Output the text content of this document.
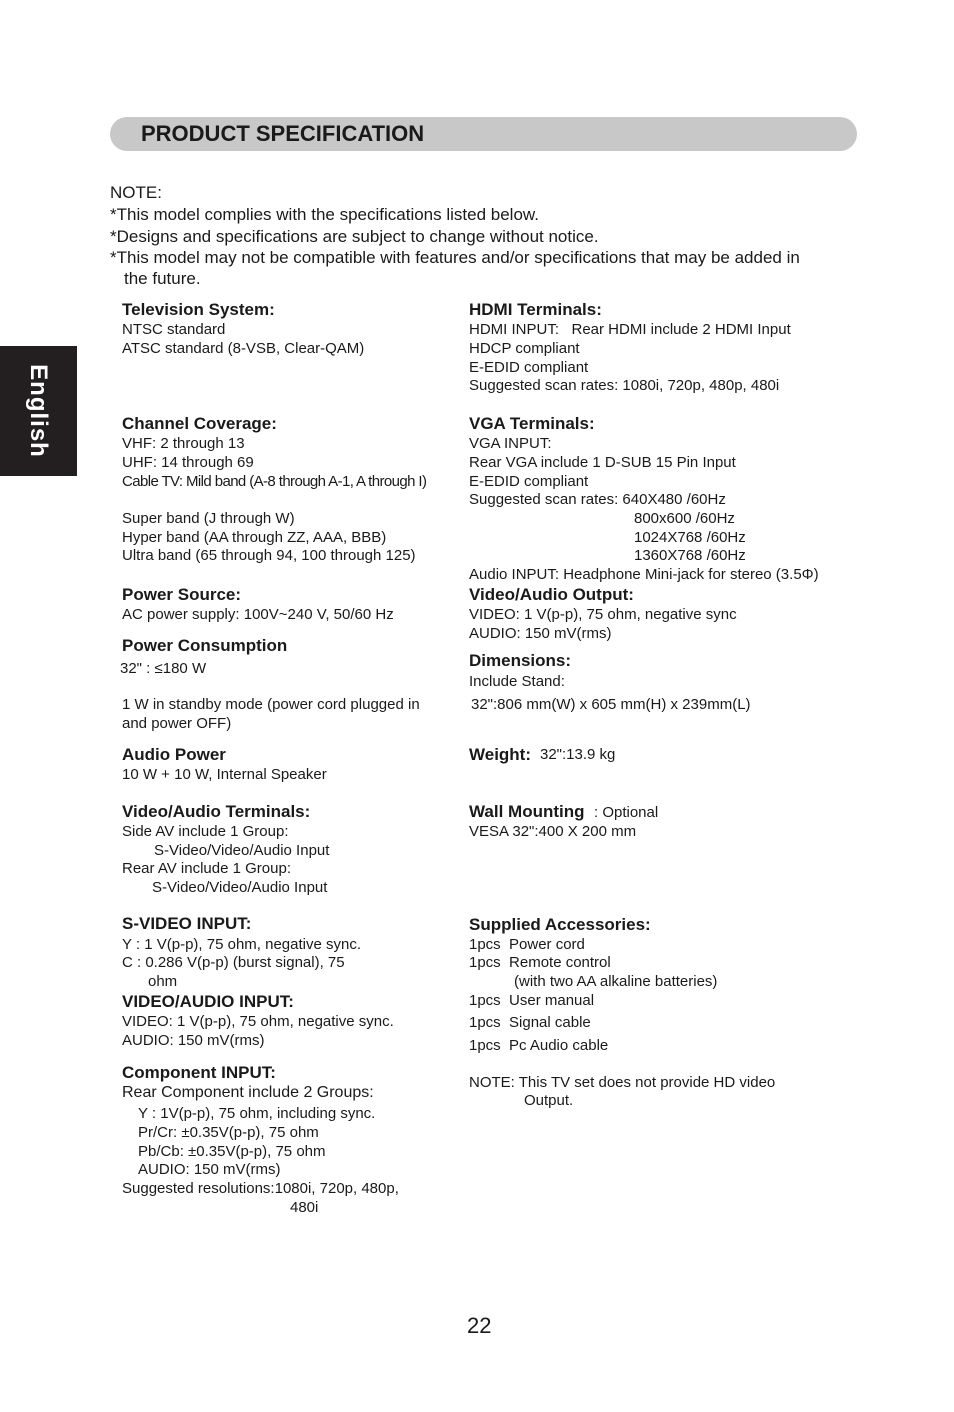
PRODUCT SPECIFICATION
English
NOTE:
*This model complies with the specifications listed below.
*Designs and specifications are subject to change without notice.
*This model may not be compatible with features and/or specifications that may be added in
the future.
Television System:
NTSC standard
ATSC standard (8-VSB, Clear-QAM)
Channel Coverage:
VHF: 2 through 13
UHF: 14 through 69
Cable TV: Mild band (A-8 through A-1, A through I)
Super band (J through W)
Hyper band (AA through ZZ, AAA, BBB)
Ultra band (65 through 94, 100 through 125)
Power Source:
AC power supply: 100V~240 V, 50/60 Hz
Power Consumption
32" : ≤180 W
1 W in standby mode (power cord plugged in
and power OFF)
Audio Power
10 W + 10 W, Internal Speaker
Video/Audio Terminals:
Side AV include 1 Group:
S-Video/Video/Audio Input
Rear AV include 1 Group:
S-Video/Video/Audio Input
S-VIDEO INPUT:
Y : 1 V(p-p), 75 ohm, negative sync.
C : 0.286 V(p-p) (burst signal), 75
ohm
VIDEO/AUDIO INPUT:
VIDEO: 1 V(p-p), 75 ohm, negative sync.
AUDIO: 150 mV(rms)
Component INPUT:
Rear Component include 2 Groups:
Y : 1V(p-p), 75 ohm, including sync.
Pr/Cr: ±0.35V(p-p), 75 ohm
Pb/Cb: ±0.35V(p-p), 75 ohm
AUDIO: 150 mV(rms)
Suggested resolutions:1080i, 720p, 480p,
480i
HDMI Terminals:
HDMI INPUT:   Rear HDMI include 2 HDMI Input
HDCP compliant
E-EDID compliant
Suggested scan rates: 1080i, 720p, 480p, 480i
VGA Terminals:
VGA INPUT:
Rear VGA include 1 D-SUB 15 Pin Input
E-EDID compliant
Suggested scan rates: 640X480 /60Hz
800x600 /60Hz
1024X768 /60Hz
1360X768 /60Hz
Audio INPUT: Headphone Mini-jack for stereo (3.5Φ)
Video/Audio Output:
VIDEO: 1 V(p-p), 75 ohm, negative sync
AUDIO: 150 mV(rms)
Dimensions:
Include Stand:
32":806 mm(W) x 605 mm(H) x 239mm(L)
Weight: 32":13.9 kg
Wall Mounting : Optional
VESA 32":400 X 200 mm
Supplied Accessories:
1pcs  Power cord
1pcs  Remote control
(with two AA alkaline batteries)
1pcs  User manual
1pcs  Signal cable
1pcs  Pc Audio cable
NOTE: This TV set does not provide HD video
Output.
22
